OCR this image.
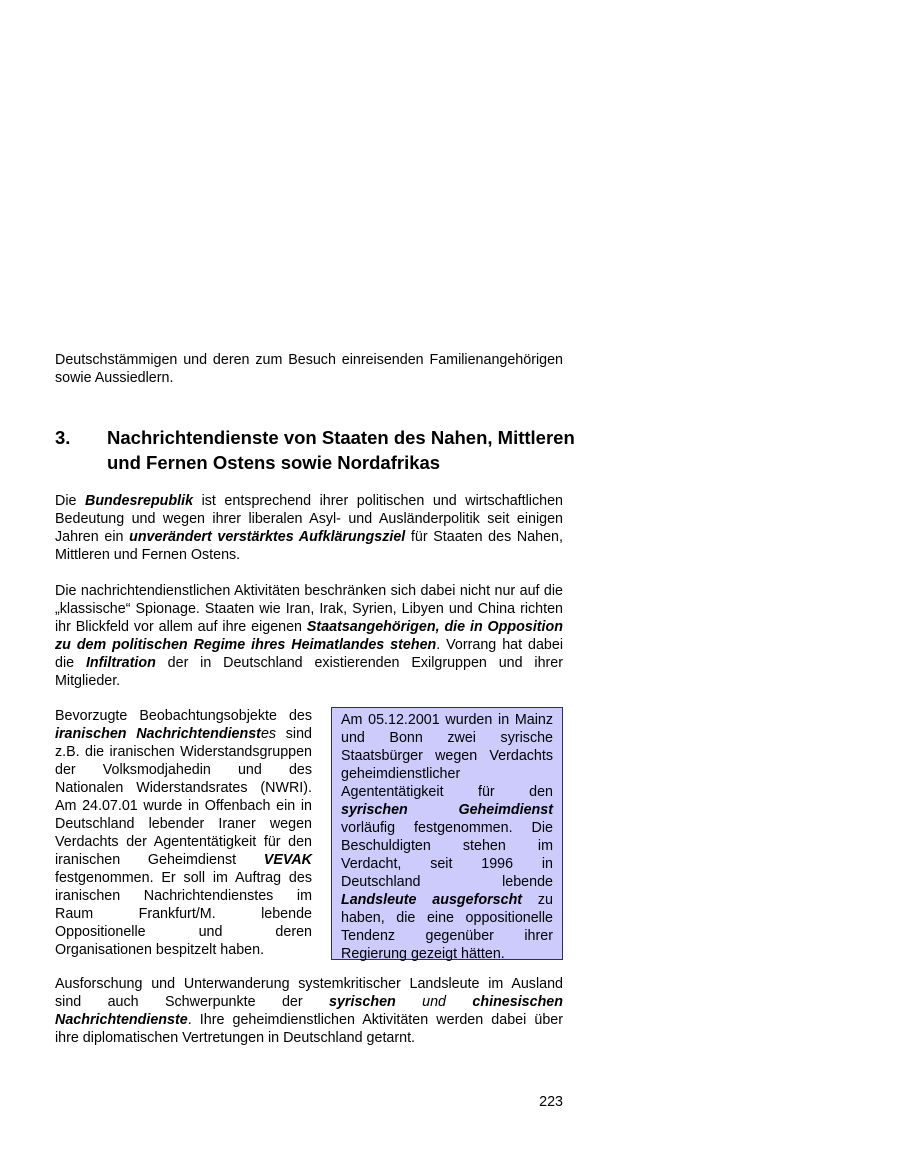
Deutschstämmigen und deren zum Besuch einreisenden Familienangehörigen sowie Aussiedlern.

3. Nachrichtendienste von Staaten des Nahen, Mittleren und Fernen Ostens sowie Nordafrikas

Die Bundesrepublik ist entsprechend ihrer politischen und wirtschaftlichen Bedeutung und wegen ihrer liberalen Asyl- und Ausländerpolitik seit einigen Jahren ein unverändert verstärktes Aufklärungsziel für Staaten des Nahen, Mittleren und Fernen Ostens.

Die nachrichtendienstlichen Aktivitäten beschränken sich dabei nicht nur auf die „klassische“ Spionage. Staaten wie Iran, Irak, Syrien, Libyen und China richten ihr Blickfeld vor allem auf ihre eigenen Staatsangehörigen, die in Opposition zu dem politischen Regime ihres Heimatlandes stehen. Vorrang hat dabei die Infiltration der in Deutschland existierenden Exilgruppen und ihrer Mitglieder.

Bevorzugte Beobachtungsobjekte des iranischen Nachrichtendienstes sind z.B. die iranischen Widerstandsgruppen der Volksmodjahedin und des Nationalen Widerstandsrates (NWRI). Am 24.07.01 wurde in Offenbach ein in Deutschland lebender Iraner wegen Verdachts der Agententätigkeit für den iranischen Geheimdienst VEVAK festgenommen. Er soll im Auftrag des iranischen Nachrichtendienstes im Raum Frankfurt/M. lebende Oppositionelle und deren Organisationen bespitzelt haben.

Am 05.12.2001 wurden in Mainz und Bonn zwei syrische Staatsbürger wegen Verdachts geheimdienstlicher Agententätigkeit für den syrischen Geheimdienst vorläufig festgenommen. Die Beschuldigten stehen im Verdacht, seit 1996 in Deutschland lebende Landsleute ausgeforscht zu haben, die eine oppositionelle Tendenz gegenüber ihrer Regierung gezeigt hätten.

Ausforschung und Unterwanderung systemkritischer Landsleute im Ausland sind auch Schwerpunkte der syrischen und chinesischen Nachrichtendienste. Ihre geheimdienstlichen Aktivitäten werden dabei über ihre diplomatischen Vertretungen in Deutschland getarnt.

223
